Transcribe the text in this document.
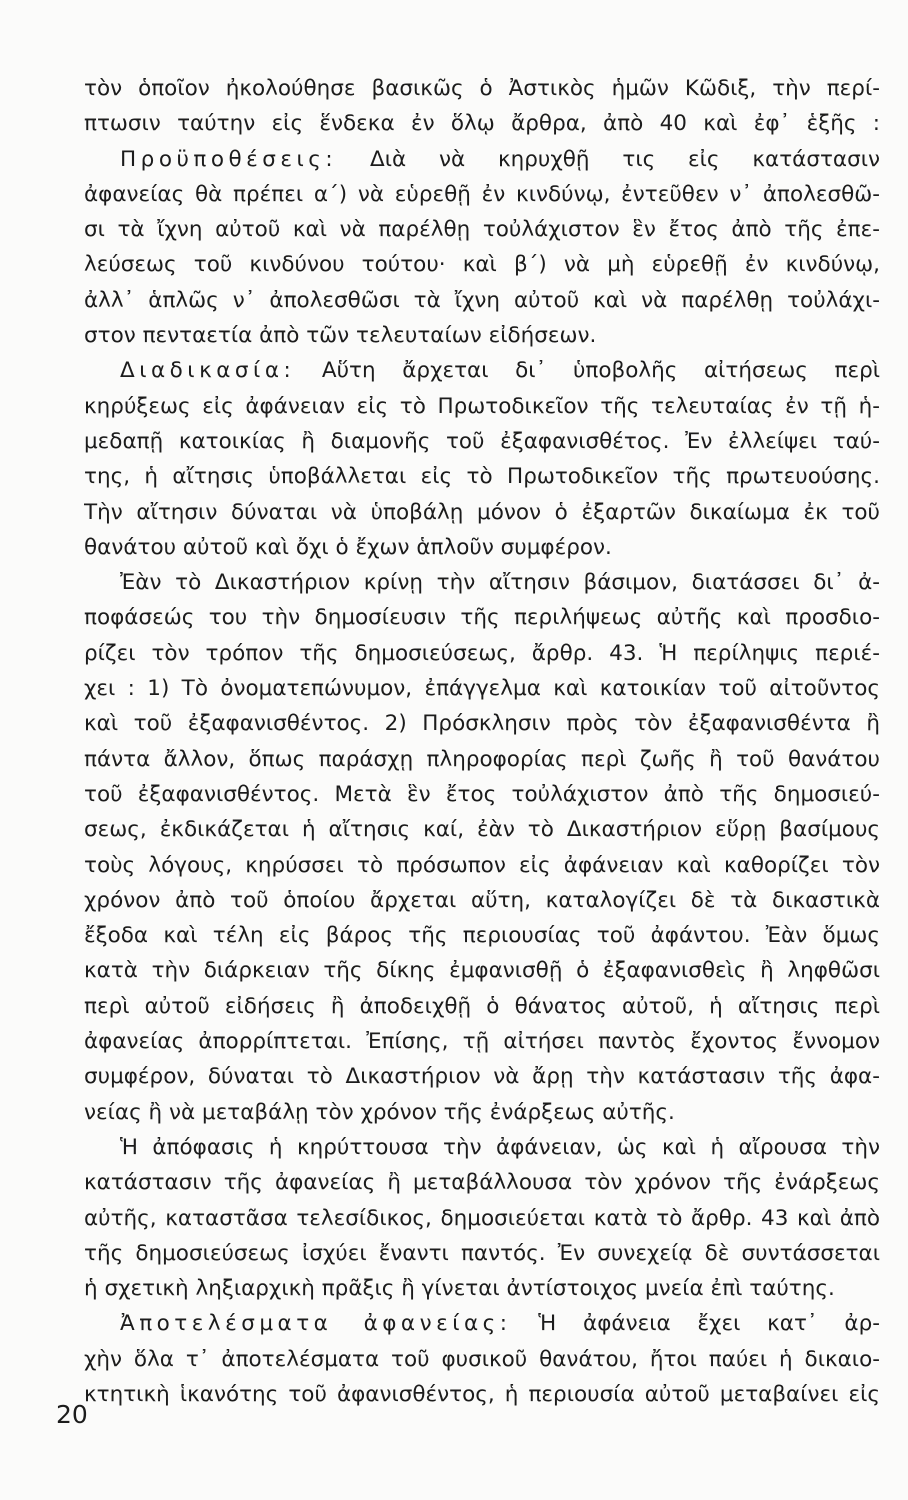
τὸν ὁποῖον ἠκολούθησε βασικῶς ὁ Ἀστικὸς ἡμῶν Κῶδιξ, τὴν περί-
πτωσιν ταύτην εἰς ἕνδεκα ἐν ὅλῳ ἄρθρα, ἀπὸ 40 καὶ ἐφ᾽ ἑξῆς :
Προϋποθέσεις: Διὰ νὰ κηρυχθῇ τις εἰς κατάστασιν
ἀφανείας θὰ πρέπει α΄) νὰ εὑρεθῇ ἐν κινδύνῳ, ἐντεῦθεν ν᾽ ἀπολεσθῶ-
σι τὰ ἴχνη αὐτοῦ καὶ νὰ παρέλθῃ τοὐλάχιστον ἓν ἔτος ἀπὸ τῆς ἐπε-
λεύσεως τοῦ κινδύνου τούτου· καὶ β΄) νὰ μὴ εὑρεθῇ ἐν κινδύνῳ,
ἀλλ᾽ ἁπλῶς ν᾽ ἀπολεσθῶσι τὰ ἴχνη αὐτοῦ καὶ νὰ παρέλθῃ τοὐλάχι-
στον πενταετία ἀπὸ τῶν τελευταίων εἰδήσεων.
Διαδικασία: Αὕτη ἄρχεται δι᾽ ὑποβολῆς αἰτήσεως περὶ
κηρύξεως εἰς ἀφάνειαν εἰς τὸ Πρωτοδικεῖον τῆς τελευταίας ἐν τῇ ἡ-
μεδαπῇ κατοικίας ἢ διαμονῆς τοῦ ἐξαφανισθέτος. Ἐν ἐλλείψει ταύ-
της, ἡ αἴτησις ὑποβάλλεται εἰς τὸ Πρωτοδικεῖον τῆς πρωτευούσης.
Τὴν αἴτησιν δύναται νὰ ὑποβάλῃ μόνον ὁ ἐξαρτῶν δικαίωμα ἐκ τοῦ
θανάτου αὐτοῦ καὶ ὄχι ὁ ἔχων ἁπλοῦν συμφέρον.
Ἐὰν τὸ Δικαστήριον κρίνῃ τὴν αἴτησιν βάσιμον, διατάσσει δι᾽ ἀ-
ποφάσεώς του τὴν δημοσίευσιν τῆς περιλήψεως αὐτῆς καὶ προσδιο-
ρίζει τὸν τρόπον τῆς δημοσιεύσεως, ἄρθρ. 43. Ἡ περίληψις περιέ-
χει : 1) Τὸ ὀνοματεπώνυμον, ἐπάγγελμα καὶ κατοικίαν τοῦ αἰτοῦντος
καὶ τοῦ ἐξαφανισθέντος. 2) Πρόσκλησιν πρὸς τὸν ἐξαφανισθέντα ἢ
πάντα ἄλλον, ὅπως παράσχῃ πληροφορίας περὶ ζωῆς ἢ τοῦ θανάτου
τοῦ ἐξαφανισθέντος. Μετὰ ἓν ἔτος τοὐλάχιστον ἀπὸ τῆς δημοσιεύ-
σεως, ἐκδικάζεται ἡ αἴτησις καί, ἐὰν τὸ Δικαστήριον εὕρῃ βασίμους
τοὺς λόγους, κηρύσσει τὸ πρόσωπον εἰς ἀφάνειαν καὶ καθορίζει τὸν
χρόνον ἀπὸ τοῦ ὁποίου ἄρχεται αὕτη, καταλογίζει δὲ τὰ δικαστικὰ
ἔξοδα καὶ τέλη εἰς βάρος τῆς περιουσίας τοῦ ἀφάντου. Ἐὰν ὅμως
κατὰ τὴν διάρκειαν τῆς δίκης ἐμφανισθῇ ὁ ἐξαφανισθεὶς ἢ ληφθῶσι
περὶ αὐτοῦ εἰδήσεις ἢ ἀποδειχθῇ ὁ θάνατος αὐτοῦ, ἡ αἴτησις περὶ
ἀφανείας ἀπορρίπτεται. Ἐπίσης, τῇ αἰτήσει παντὸς ἔχοντος ἔννομον
συμφέρον, δύναται τὸ Δικαστήριον νὰ ἄρῃ τὴν κατάστασιν τῆς ἀφα-
νείας ἢ νὰ μεταβάλῃ τὸν χρόνον τῆς ἐνάρξεως αὐτῆς.
Ἡ ἀπόφασις ἡ κηρύττουσα τὴν ἀφάνειαν, ὡς καὶ ἡ αἴρουσα τὴν
κατάστασιν τῆς ἀφανείας ἢ μεταβάλλουσα τὸν χρόνον τῆς ἐνάρξεως
αὐτῆς, καταστᾶσα τελεσίδικος, δημοσιεύεται κατὰ τὸ ἄρθρ. 43 καὶ ἀπὸ
τῆς δημοσιεύσεως ἰσχύει ἔναντι παντός. Ἐν συνεχείᾳ δὲ συντάσσεται
ἡ σχετικὴ ληξιαρχικὴ πρᾶξις ἢ γίνεται ἀντίστοιχος μνεία ἐπὶ ταύτης.
Ἀποτελέσματα ἀφανείας: Ἡ ἀφάνεια ἔχει κατ᾽ ἀρ-
χὴν ὅλα τ᾽ ἀποτελέσματα τοῦ φυσικοῦ θανάτου, ἤτοι παύει ἡ δικαιο-
κτητικὴ ἱκανότης τοῦ ἀφανισθέντος, ἡ περιουσία αὐτοῦ μεταβαίνει εἰς
20
